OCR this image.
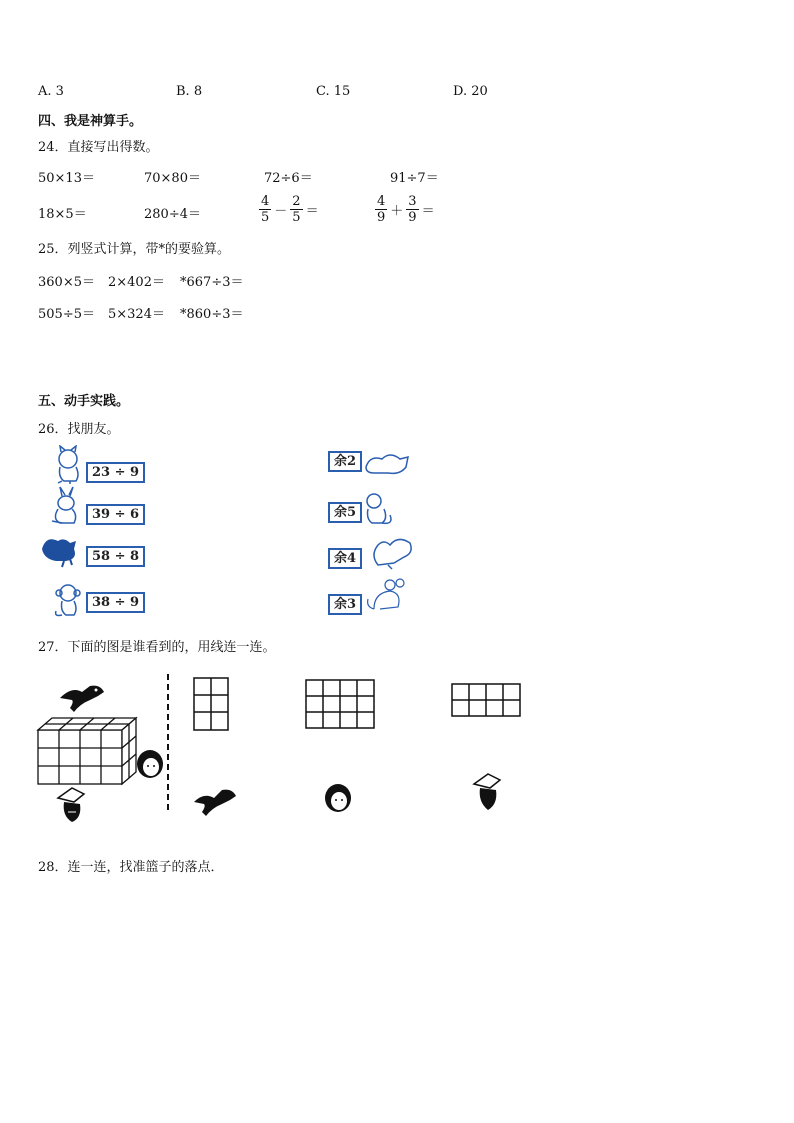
A. 3	B. 8	C. 15	D. 20
四、我是神算手。
24．直接写出得数。
50×13＝	70×80＝	72÷6＝	91÷7＝
18×5＝	280÷4＝	$\frac{4}{5} - \frac{2}{5}$ ＝	$\frac{4}{9} + \frac{3}{9}$ ＝
25．列竖式计算，带*的要验算。
360×5＝ 2×402＝ *667÷3＝
505÷5＝ 5×324＝ *860÷3＝
五、动手实践。
26．找朋友。
23 ÷ 9
39 ÷ 6
58 ÷ 8
38 ÷ 9
余2
余5
余4
余3
27．下面的图是谁看到的，用线连一连。
28．连一连，找准篮子的落点．
